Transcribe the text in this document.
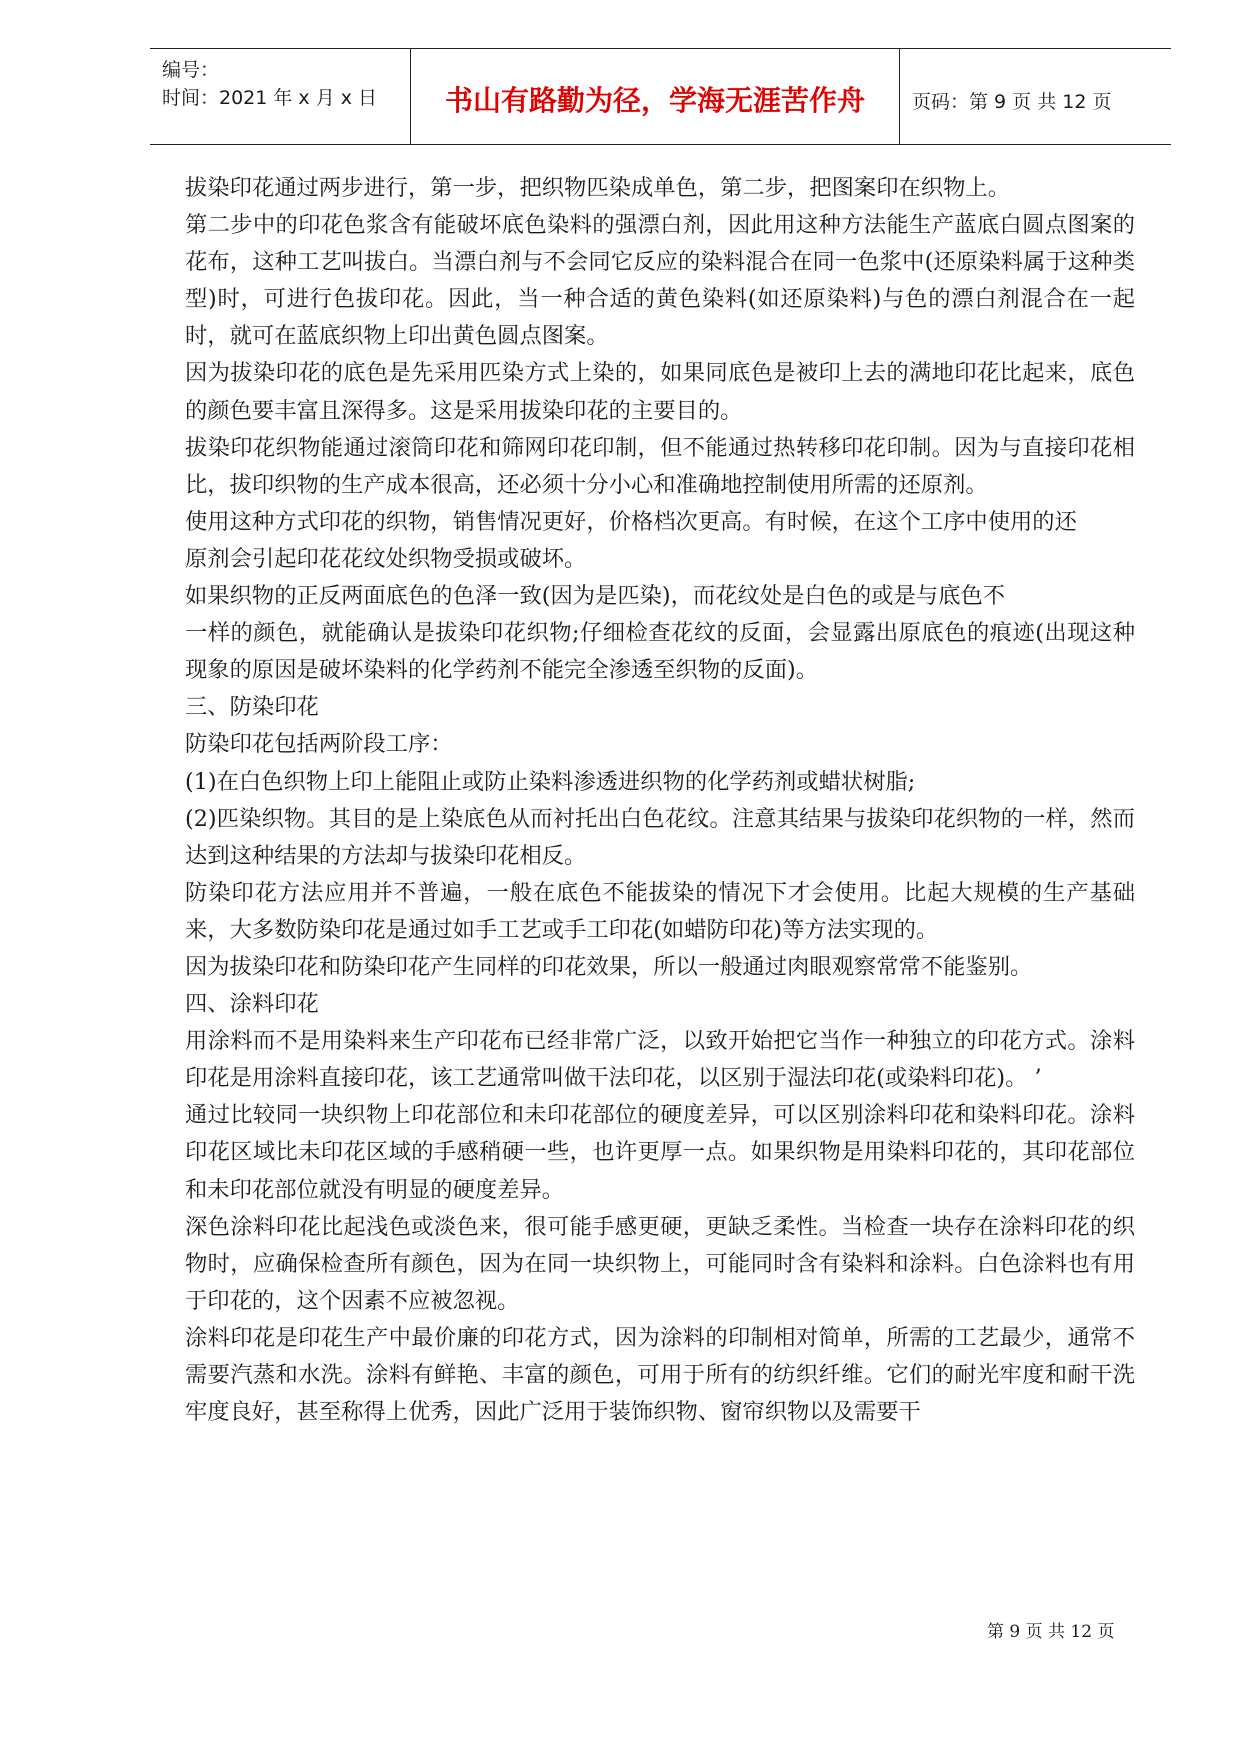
编号：
时间：2021 年 x 月 x 日	书山有路勤为径，学海无涯苦作舟	页码：第 9 页 共 12 页

拔染印花通过两步进行，第一步，把织物匹染成单色，第二步，把图案印在织物上。

第二步中的印花色浆含有能破坏底色染料的强漂白剂，因此用这种方法能生产蓝底白圆点图案的花布，这种工艺叫拔白。当漂白剂与不会同它反应的染料混合在同一色浆中(还原染料属于这种类型)时，可进行色拔印花。因此，当一种合适的黄色染料(如还原染料)与色的漂白剂混合在一起时，就可在蓝底织物上印出黄色圆点图案。

因为拔染印花的底色是先采用匹染方式上染的，如果同底色是被印上去的满地印花比起来，底色的颜色要丰富且深得多。这是采用拔染印花的主要目的。

拔染印花织物能通过滚筒印花和筛网印花印制，但不能通过热转移印花印制。因为与直接印花相比，拔印织物的生产成本很高，还必须十分小心和准确地控制使用所需的还原剂。

使用这种方式印花的织物，销售情况更好，价格档次更高。有时候，在这个工序中使用的还

原剂会引起印花花纹处织物受损或破坏。

如果织物的正反两面底色的色泽一致(因为是匹染)，而花纹处是白色的或是与底色不

一样的颜色，就能确认是拔染印花织物;仔细检查花纹的反面，会显露出原底色的痕迹(出现这种现象的原因是破坏染料的化学药剂不能完全渗透至织物的反面)。

三、防染印花

防染印花包括两阶段工序：

(1)在白色织物上印上能阻止或防止染料渗透进织物的化学药剂或蜡状树脂;

(2)匹染织物。其目的是上染底色从而衬托出白色花纹。注意其结果与拔染印花织物的一样，然而达到这种结果的方法却与拔染印花相反。

防染印花方法应用并不普遍，一般在底色不能拔染的情况下才会使用。比起大规模的生产基础来，大多数防染印花是通过如手工艺或手工印花(如蜡防印花)等方法实现的。

因为拔染印花和防染印花产生同样的印花效果，所以一般通过肉眼观察常常不能鉴别。

四、涂料印花

用涂料而不是用染料来生产印花布已经非常广泛，以致开始把它当作一种独立的印花方式。涂料印花是用涂料直接印花，该工艺通常叫做干法印花，以区别于湿法印花(或染料印花)。 ’

通过比较同一块织物上印花部位和未印花部位的硬度差异，可以区别涂料印花和染料印花。涂料印花区域比未印花区域的手感稍硬一些，也许更厚一点。如果织物是用染料印花的，其印花部位和未印花部位就没有明显的硬度差异。

深色涂料印花比起浅色或淡色来，很可能手感更硬，更缺乏柔性。当检查一块存在涂料印花的织物时，应确保检查所有颜色，因为在同一块织物上，可能同时含有染料和涂料。白色涂料也有用于印花的，这个因素不应被忽视。

涂料印花是印花生产中最价廉的印花方式，因为涂料的印制相对简单，所需的工艺最少，通常不需要汽蒸和水洗。涂料有鲜艳、丰富的颜色，可用于所有的纺织纤维。它们的耐光牢度和耐干洗牢度良好，甚至称得上优秀，因此广泛用于装饰织物、窗帘织物以及需要干

第 9 页 共 12 页
